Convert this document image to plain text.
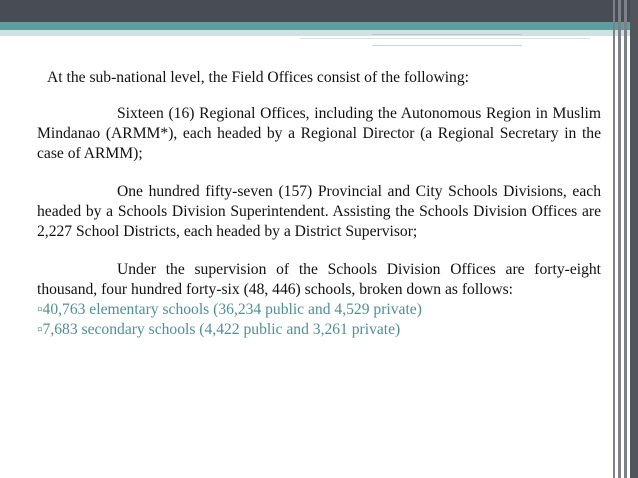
At the sub-national level, the Field Offices consist of the following:

Sixteen (16) Regional Offices, including the Autonomous Region in Muslim Mindanao (ARMM*), each headed by a Regional Director (a Regional Secretary in the case of ARMM);

One hundred fifty-seven (157) Provincial and City Schools Divisions, each headed by a Schools Division Superintendent. Assisting the Schools Division Offices are 2,227 School Districts, each headed by a District Supervisor;

Under the supervision of the Schools Division Offices are forty-eight thousand, four hundred forty-six (48, 446) schools, broken down as follows:

▫40,763 elementary schools (36,234 public and 4,529 private)
▫7,683 secondary schools (4,422 public and 3,261 private)
